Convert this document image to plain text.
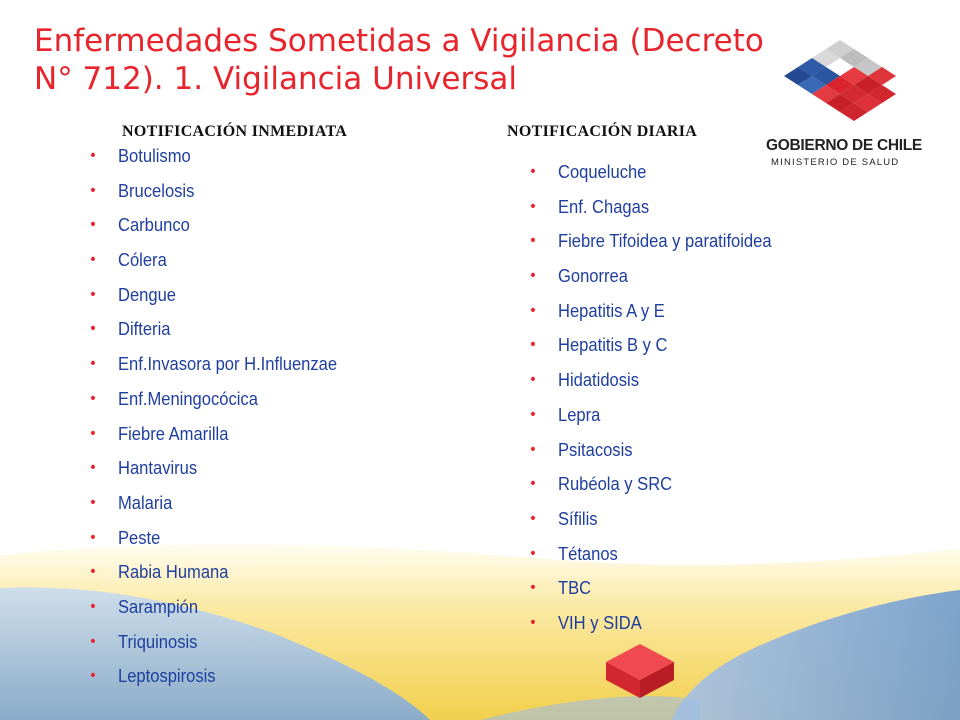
Enfermedades Sometidas a Vigilancia (Decreto
N° 712). 1. Vigilancia Universal
GOBIERNO DE CHILE
MINISTERIO DE SALUD
NOTIFICACIÓN INMEDIATA	NOTIFICACIÓN DIARIA
• Botulismo
• Brucelosis
• Carbunco
• Cólera
• Dengue
• Difteria
• Enf.Invasora por H.Influenzae
• Enf.Meningocócica
• Fiebre Amarilla
• Hantavirus
• Malaria
• Peste
• Rabia Humana
• Sarampión
• Triquinosis
• Leptospirosis
• Coqueluche
• Enf. Chagas
• Fiebre Tifoidea y paratifoidea
• Gonorrea
• Hepatitis A y E
• Hepatitis B y C
• Hidatidosis
• Lepra
• Psitacosis
• Rubéola y SRC
• Sífilis
• Tétanos
• TBC
• VIH y SIDA
